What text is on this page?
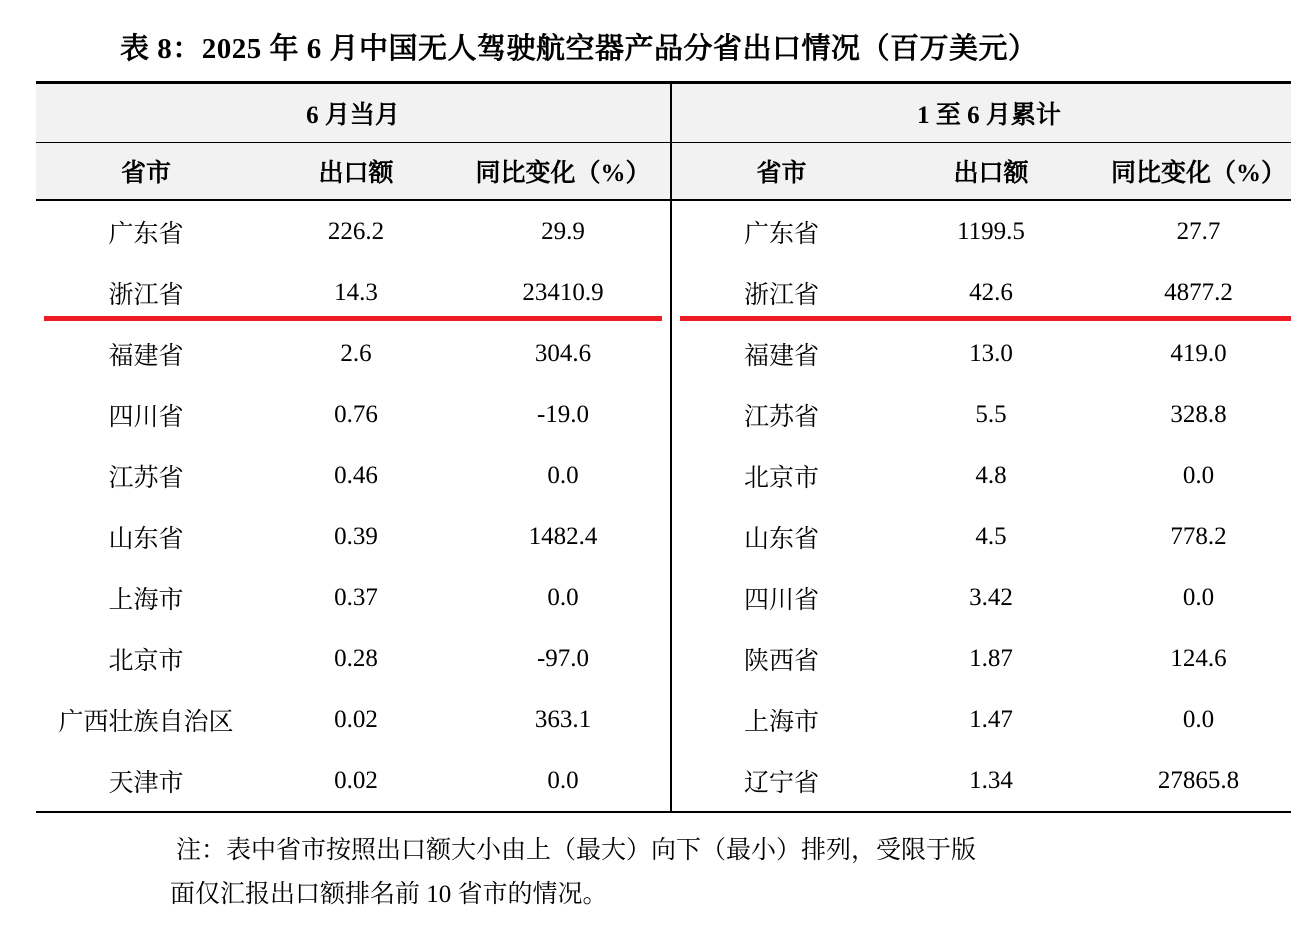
表 8：2025 年 6 月中国无人驾驶航空器产品分省出口情况（百万美元）
6 月当月			1 至 6 月累计		
省市	出口额	同比变化（%）	省市	出口额	同比变化（%）
广东省	226.2	29.9	广东省	1199.5	27.7
浙江省	14.3	23410.9	浙江省	42.6	4877.2
福建省	2.6	304.6	福建省	13.0	419.0
四川省	0.76	-19.0	江苏省	5.5	328.8
江苏省	0.46	0.0	北京市	4.8	0.0
山东省	0.39	1482.4	山东省	4.5	778.2
上海市	0.37	0.0	四川省	3.42	0.0
北京市	0.28	-97.0	陕西省	1.87	124.6
广西壮族自治区	0.02	363.1	上海市	1.47	0.0
天津市	0.02	0.0	辽宁省	1.34	27865.8
注：表中省市按照出口额大小由上（最大）向下（最小）排列，受限于版
面仅汇报出口额排名前 10 省市的情况。
